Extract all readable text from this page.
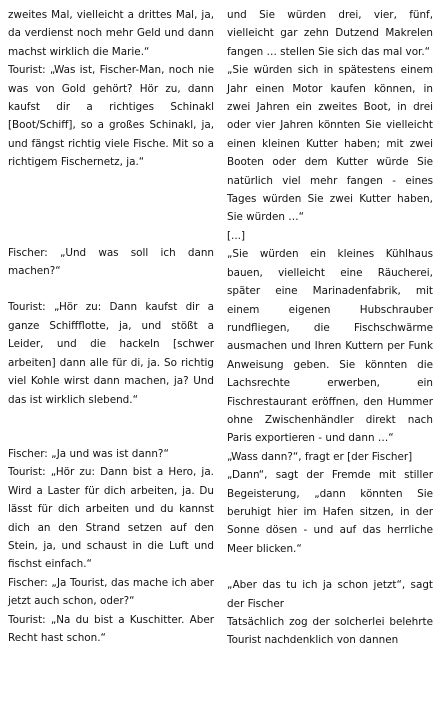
zweites Mal, vielleicht a drittes Mal, ja, da verdienst noch mehr Geld und dann machst wirklich die Marie.“

Tourist: „Was ist, Fischer-Man, noch nie was von Gold gehört? Hör zu, dann kaufst dir a richtiges Schinakl [Boot/Schiff], so a großes Schinakl, ja, und fängst richtig viele Fische. Mit so a richtigem Fischernetz, ja.“

Fischer: „Und was soll ich dann machen?“

Tourist: „Hör zu: Dann kaufst dir a ganze Schiffflotte, ja, und stößt a Leider, und die hackeln [schwer arbeiten] dann alle für di, ja. So richtig viel Kohle wirst dann machen, ja? Und das ist wirklich slebend.“

Fischer: „Ja und was ist dann?“

Tourist: „Hör zu: Dann bist a Hero, ja. Wird a Laster für dich arbeiten, ja. Du lässt für dich arbeiten und du kannst dich an den Strand setzen auf den Stein, ja, und schaust in die Luft und fischst einfach.“

Fischer: „Ja Tourist, das mache ich aber jetzt auch schon, oder?“

Tourist: „Na du bist a Kuschitter. Aber Recht hast schon.“

und Sie würden drei, vier, fünf, vielleicht gar zehn Dutzend Makrelen fangen … stellen Sie sich das mal vor.“

„Sie würden sich in spätestens einem Jahr einen Motor kaufen können, in zwei Jahren ein zweites Boot, in drei oder vier Jahren könnten Sie vielleicht einen kleinen Kutter haben; mit zwei Booten oder dem Kutter würde Sie natürlich viel mehr fangen - eines Tages würden Sie zwei Kutter haben, Sie würden …“

[...]

„Sie würden ein kleines Kühlhaus bauen, vielleicht eine Räucherei, später eine Marinadenfabrik, mit einem eigenen Hubschrauber rundfliegen, die Fischschwärme ausmachen und Ihren Kuttern per Funk Anweisung geben. Sie könnten die Lachsrechte erwerben, ein Fischrestaurant eröffnen, den Hummer ohne Zwischenhändler direkt nach Paris exportieren - und dann …“

„Wass dann?“, fragt er [der Fischer]

„Dann“, sagt der Fremde mit stiller Begeisterung, „dann könnten Sie beruhigt hier im Hafen sitzen, in der Sonne dösen - und auf das herrliche Meer blicken.“

„Aber das tu ich ja schon jetzt“, sagt der Fischer

Tatsächlich zog der solcherlei belehrte Tourist nachdenklich von dannen
